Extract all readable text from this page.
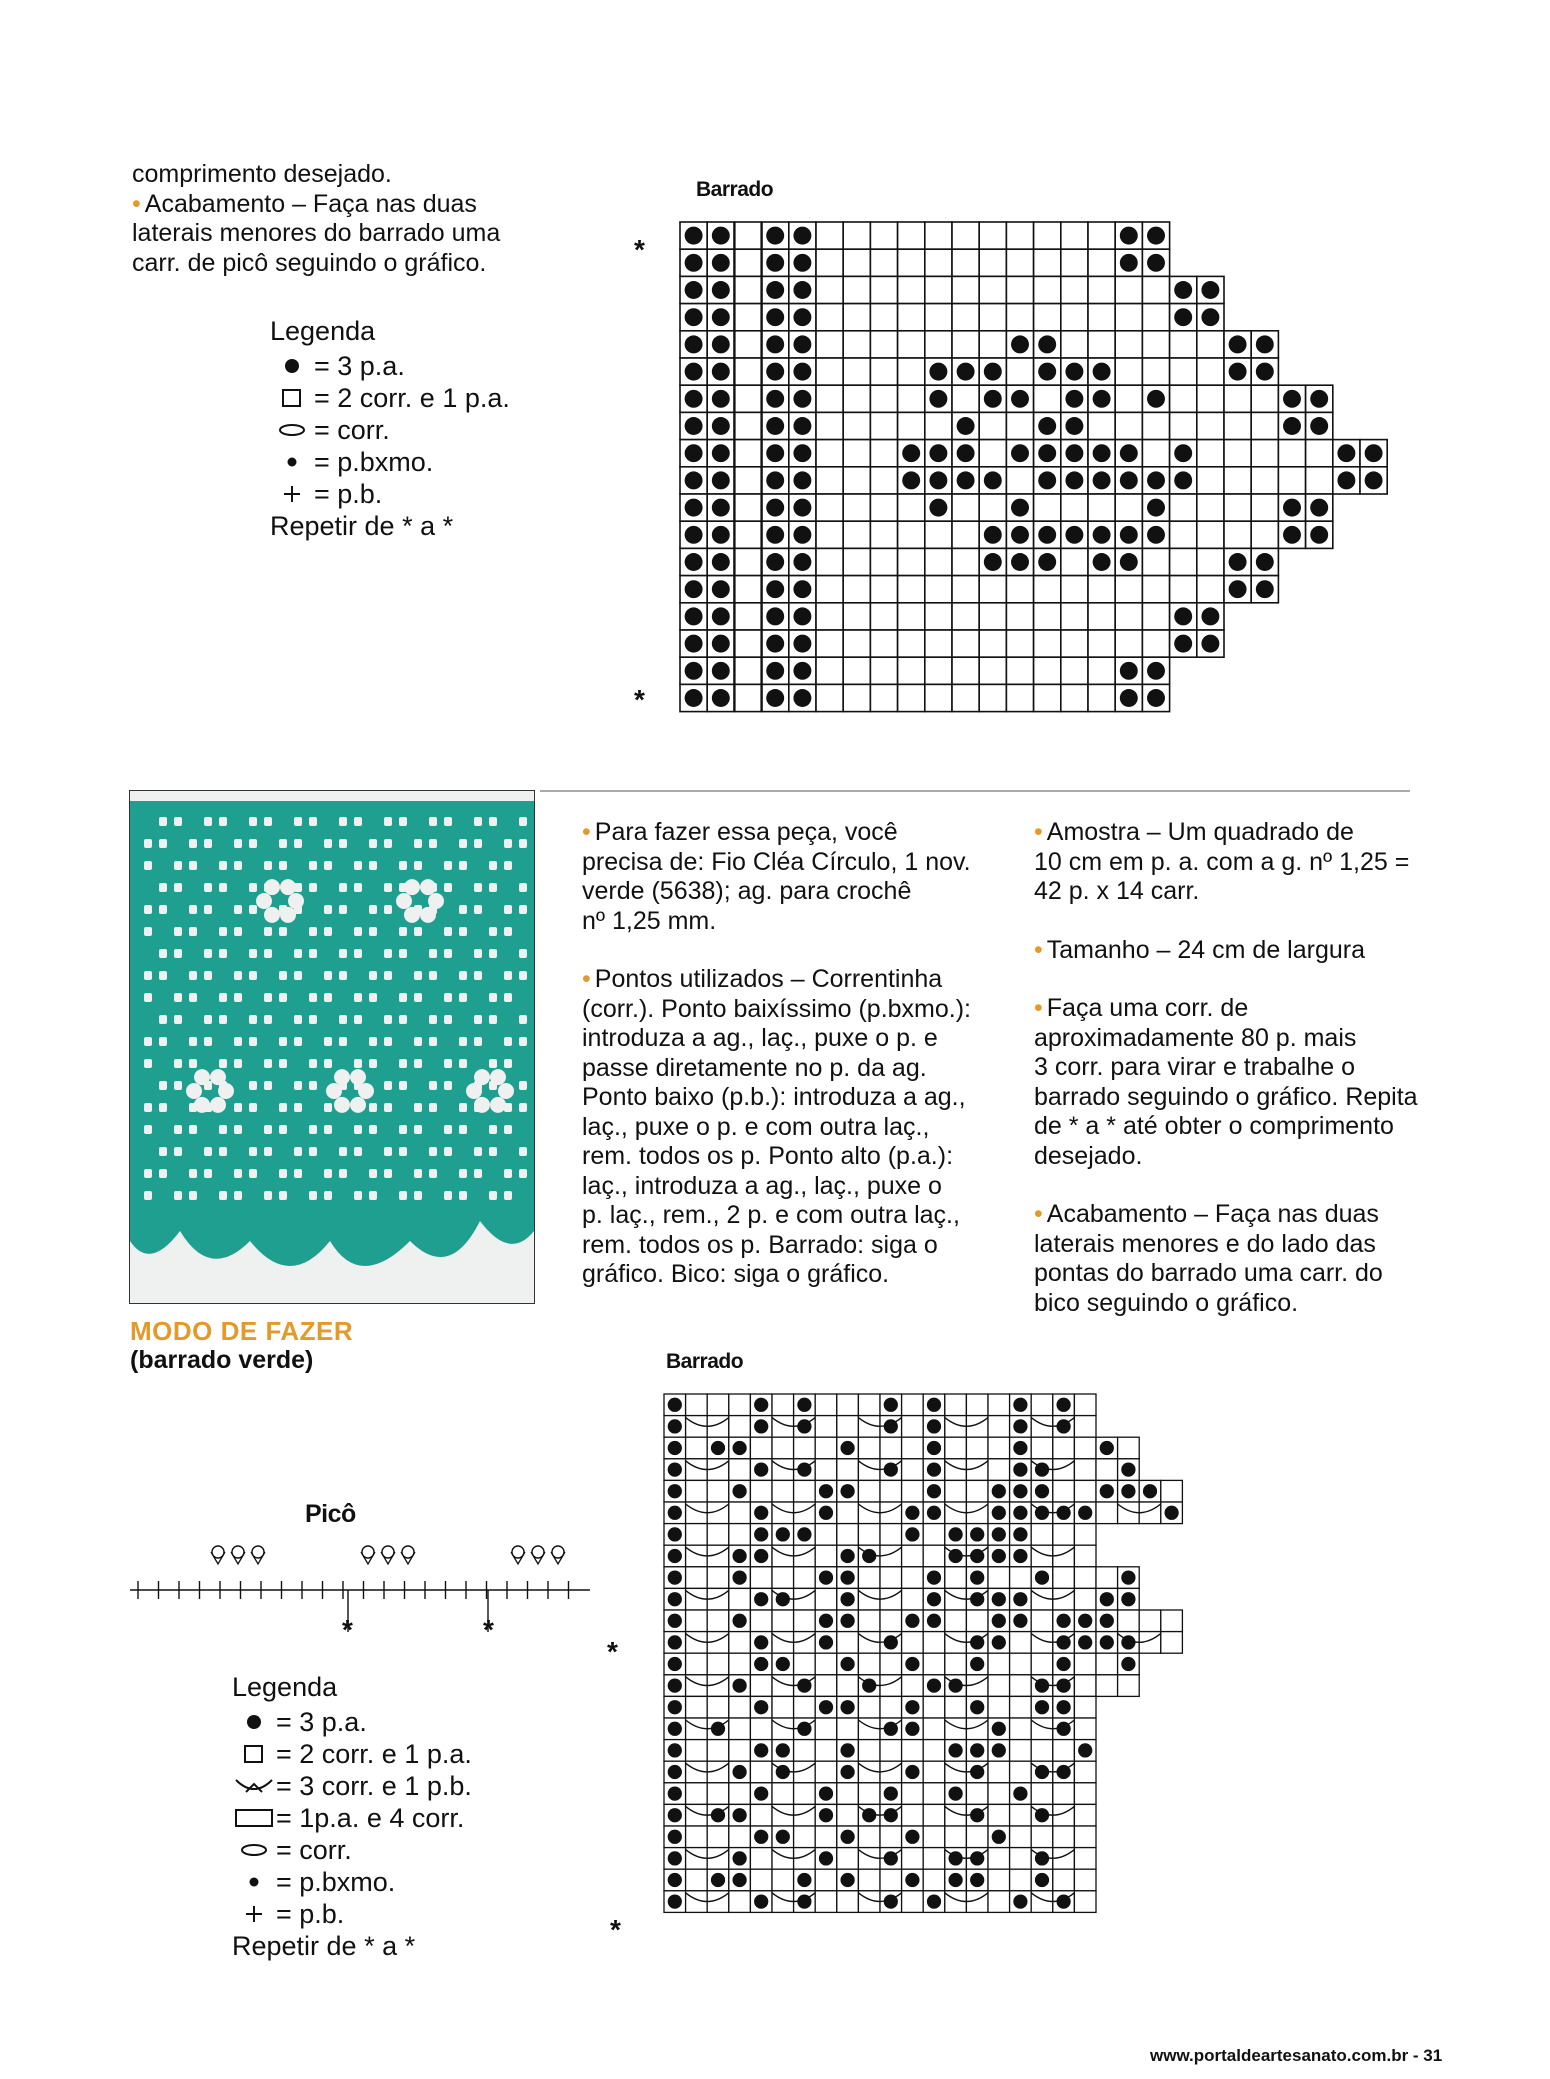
comprimento desejado.

• Acabamento – Faça nas duas

laterais menores do barrado uma

carr. de picô seguindo o gráfico.

Legenda
= 3 p.a.
= 2 corr. e 1 p.a.
= corr.
= p.bxmo.
= p.b.
Repetir de * a *
Barrado
*
*

• Para fazer essa peça, você

precisa de: Fio Cléa Círculo, 1 nov.

verde (5638); ag. para crochê

nº 1,25 mm.

• Pontos utilizados – Correntinha

(corr.). Ponto baixíssimo (p.bxmo.):

introduza a ag., laç., puxe o p. e

passe diretamente no p. da ag.

Ponto baixo (p.b.): introduza a ag.,

laç., puxe o p. e com outra laç.,

rem. todos os p. Ponto alto (p.a.):

laç., introduza a ag., laç., puxe o

p. laç., rem., 2 p. e com outra laç.,

rem. todos os p. Barrado: siga o

gráfico. Bico: siga o gráfico.

• Amostra – Um quadrado de

10 cm em p. a. com a g. nº 1,25 =

42 p. x 14 carr.

• Tamanho – 24 cm de largura

• Faça uma corr. de

aproximadamente 80 p. mais

3 corr. para virar e trabalhe o

barrado seguindo o gráfico. Repita

de * a * até obter o comprimento

desejado.

• Acabamento – Faça nas duas

laterais menores e do lado das

pontas do barrado uma carr. do

bico seguindo o gráfico.

MODO DE FAZER
(barrado verde)
Picô
*	*
Legenda
= 3 p.a.
= 2 corr. e 1 p.a.
= 3 corr. e 1 p.b.
= 1p.a. e 4 corr.
= corr.
= p.bxmo.
= p.b.
Repetir de * a *
Barrado
*
*
www.portaldeartesanato.com.br - 31
